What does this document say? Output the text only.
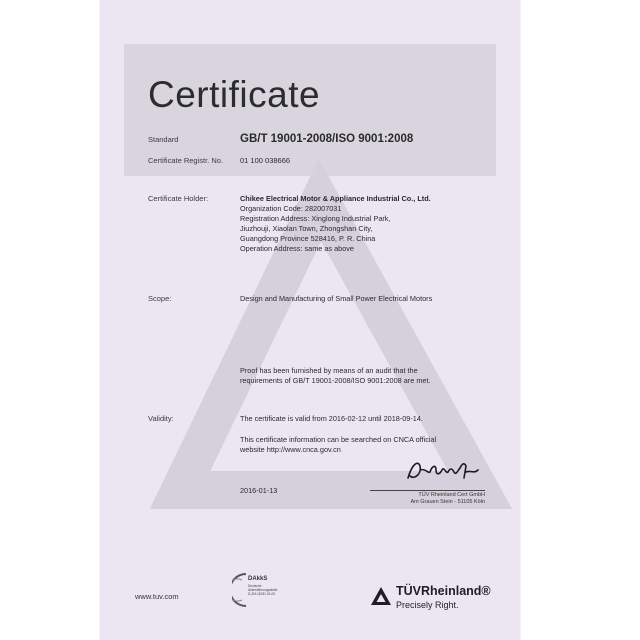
Certificate
Standard	GB/T 19001-2008/ISO 9001:2008
Certificate Registr. No. 01 100 038666
Certificate Holder:	Chikee Electrical Motor & Appliance Industrial Co., Ltd.
Organization Code: 282007031
Registration Address: Xinglong Industrial Park,
Jiuzhouji, Xiaolan Town, Zhongshan City,
Guangdong Province 528416, P. R. China
Operation Address: same as above
Scope:	Design and Manufacturing of Small Power Electrical Motors
Proof has been furnished by means of an audit that the
requirements of GB/T 19001-2008/ISO 9001:2008 are met.
Validity:	The certificate is valid from 2016-02-12 until 2018-09-14.
This certificate information can be searched on CNCA official
website http://www.cnca.gov.cn
TÜV Rheinland Cert GmbH
Am Grauen Stein · 51105 Köln
2016-01-13
www.tuv.com
DAkkS
Deutsche
Akkreditierungsstelle
D-ZM-16031-01-00	TÜVRheinland®
Precisely Right.
